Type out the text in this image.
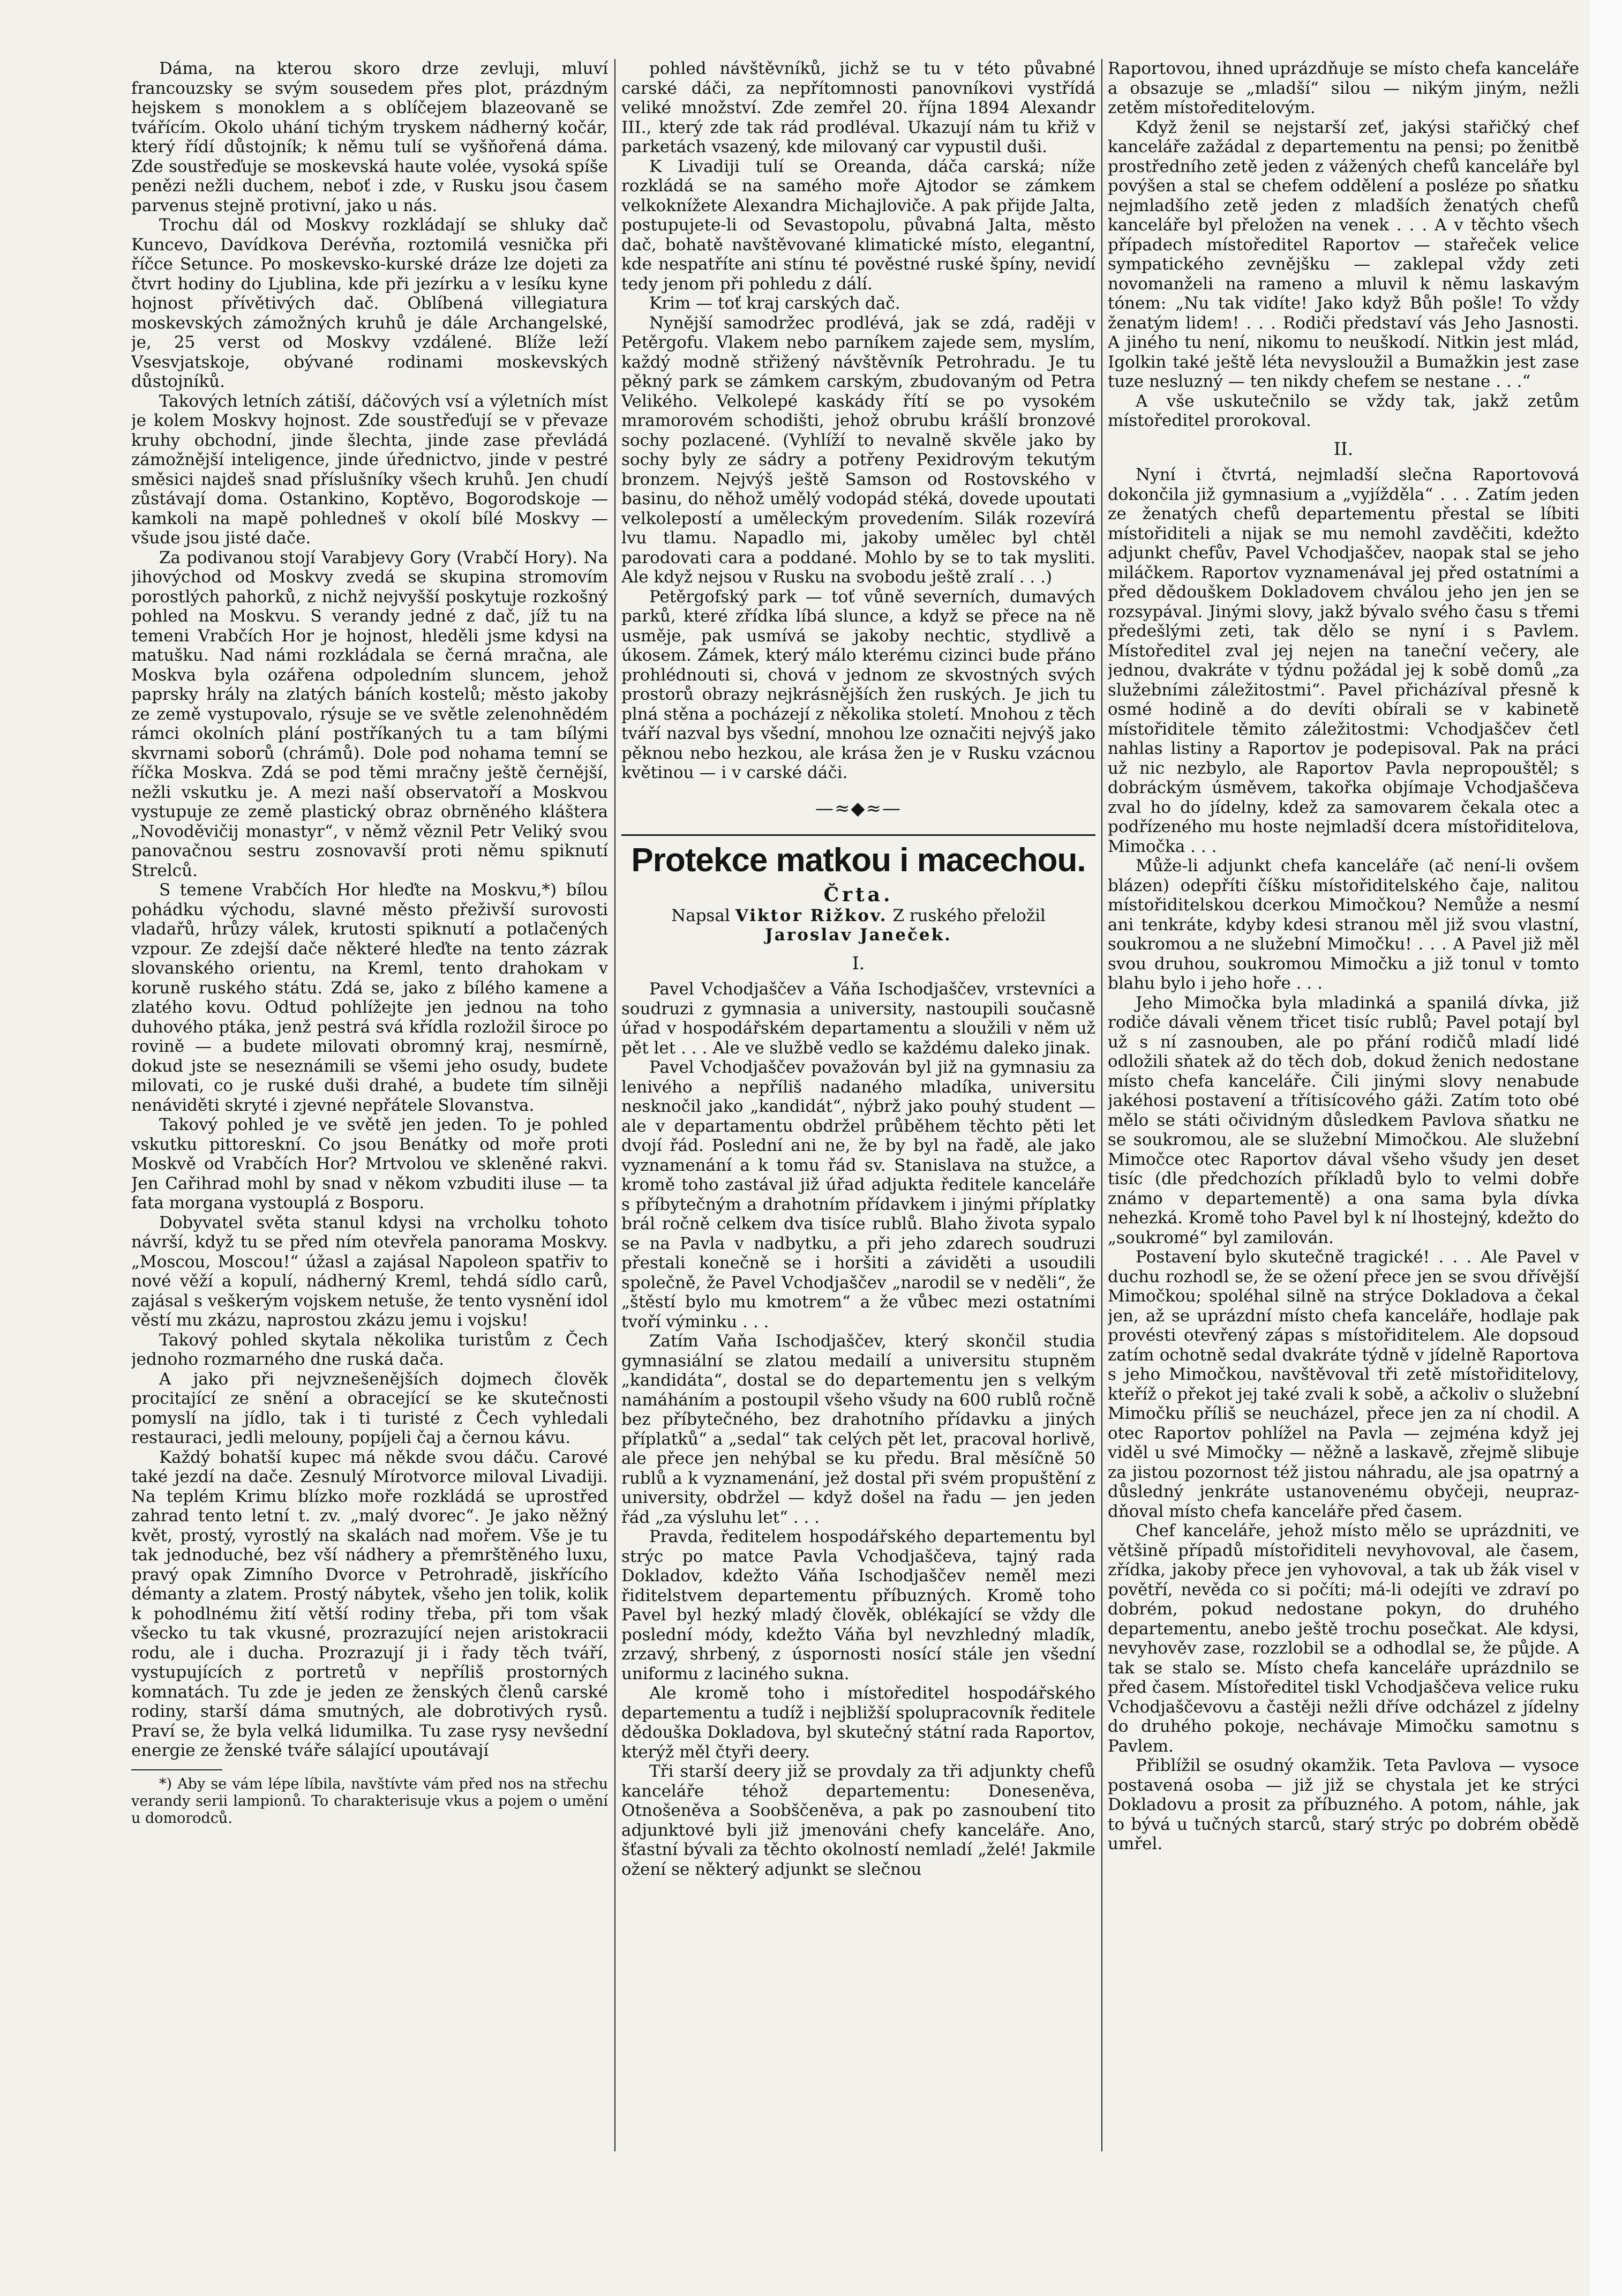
Dáma, na kterou skoro drze zevluji, mluví francouzsky se svým sousedem přes plot, prázdným hejskem s monoklem a s oblíčejem blazeovaně se tvářícím. Okolo uhání tichým tryskem nádherný kočár, který řídí důstojník; k němu tulí se vyšňořená dáma. Zde soustřeďuje se moskevská haute volée, vysoká spíše penězi nežli duchem, neboť i zde, v Rusku jsou časem parvenus stejně protivní, jako u nás.

Trochu dál od Moskvy rozkládají se shluky dač Kuncevo, Davídkova Derévňa, roztomilá vesnička při říčce Setunce. Po moskevsko-kurské dráze lze dojeti za čtvrt hodiny do Ljublina, kde při jezírku a v lesíku kyne hojnost přívětivých dač. Oblíbená villegiatura moskevských zámožných kruhů je dále Archangelské, je, 25 verst od Moskvy vzdálené. Blíže leží Vsesvjatskoje, obývané rodinami moskevských důstojníků.

Takových letních zátiší, dáčových vsí a výletních míst je kolem Moskvy hojnost. Zde soustřeďují se v převaze kruhy obchodní, jinde šlechta, jinde zase převládá zámožnější inteligence, jinde úřednictvo, jinde v pestré směsici najdeš snad příslušníky všech kruhů. Jen chudí zůstávají doma. Ostankino, Koptěvo, Bogorodskoje — kamkoli na mapě pohledneš v okolí bílé Moskvy — všude jsou jisté dače.

Za podivanou stojí Varabjevy Gory (Vrabčí Hory). Na jihovýchod od Moskvy zvedá se skupina stromovím porostlých pahorků, z nichž nejvyšší poskytuje rozkošný pohled na Moskvu. S verandy jedné z dač, jíž tu na temeni Vrabčích Hor je hojnost, hleděli jsme kdysi na matušku. Nad námi rozkládala se černá mračna, ale Moskva byla ozářena odpoledním sluncem, jehož paprsky hrály na zlatých báních kostelů; město jakoby ze země vystupovalo, rýsuje se ve světle zelenohnědém rámci okolních plání postříkaných tu a tam bílými skvrnami soborů (chrámů). Dole pod nohama temní se říčka Moskva. Zdá se pod těmi mračny ještě černější, nežli vskutku je. A mezi naší observatoří a Moskvou vystupuje ze země plastický obraz obrněného kláštera „Novoděvičij monastyr“, v němž věznil Petr Veliký svou panovačnou sestru zosnovavší proti němu spiknutí Strelců.

S temene Vrabčích Hor hleďte na Moskvu,*) bílou pohádku východu, slavné město přeživší surovosti vladařů, hrůzy válek, krutosti spiknutí a potlačených vzpour. Ze zdejší dače některé hleďte na tento zázrak slovanského orientu, na Kreml, tento drahokam v koruně ruského státu. Zdá se, jako z bílého kamene a zlatého kovu. Odtud pohlížejte jen jednou na toho duhového ptáka, jenž pestrá svá křídla rozložil široce po rovině — a budete milovati obromný kraj, nesmírně, dokud jste se neseznámili se všemi jeho osudy, budete milovati, co je ruské duši drahé, a budete tím silněji nenáviděti skryté i zjevné nepřátele Slovanstva.

Takový pohled je ve světě jen jeden. To je pohled vskutku pittoreskní. Co jsou Benátky od moře proti Moskvě od Vrabčích Hor? Mrtvolou ve skleněné rakvi. Jen Cařihrad mohl by snad v někom vzbuditi iluse — ta fata morgana vystouplá z Bosporu.

Dobyvatel světa stanul kdysi na vrcholku tohoto návrší, když tu se před ním otevřela panorama Moskvy. „Moscou, Moscou!“ úžasl a zajásal Napoleon spatřiv to nové věží a kopulí, nádherný Kreml, tehdá sídlo carů, zajásal s veškerým vojskem netuše, že tento vysnění idol věstí mu zkázu, naprostou zkázu jemu i vojsku!

Takový pohled skytala několika turistům z Čech jednoho rozmarného dne ruská dača.

A jako při nejvznešenějších dojmech člověk procitající ze snění a obracející se ke skutečnosti pomyslí na jídlo, tak i ti turisté z Čech vyhledali restauraci, jedli melouny, popíjeli čaj a černou kávu.

Každý bohatší kupec má někde svou dáču. Carové také jezdí na dače. Zesnulý Mírotvorce miloval Livadiji. Na teplém Krimu blízko moře rozkládá se uprostřed zahrad tento letní t. zv. „malý dvorec“. Je jako něžný květ, prostý, vyrostlý na skalách nad mořem. Vše je tu tak jednoduché, bez vší nádhery a přemrštěného luxu, pravý opak Zimního Dvorce v Petrohradě, jiskřícího démanty a zlatem. Prostý nábytek, všeho jen tolik, kolik k pohodlnému žití větší rodiny třeba, při tom však všecko tu tak vkusné, prozrazující nejen aristokracii rodu, ale i ducha. Prozrazují ji i řady těch tváří, vystupujících z portretů v nepříliš prostorných komnatách. Tu zde je jeden ze ženských členů carské rodiny, starší dáma smutných, ale dobrotivých rysů. Praví se, že byla velká lidumilka. Tu zase rysy nevšední energie ze ženské tváře sálající upoutávají

*) Aby se vám lépe líbila, navštívte vám před nos na střechu verandy serii lampionů. To charakterisuje vkus a pojem o umění u domorodců.

pohled návštěvníků, jichž se tu v této půvabné carské dáči, za nepřítomnosti panovníkovi vystřídá veliké množství. Zde zemřel 20. října 1894 Alexandr III., který zde tak rád prodléval. Ukazují nám tu křiž v parketách vsazený, kde milovaný car vypustil duši.

K Livadiji tulí se Oreanda, dáča carská; níže rozkládá se na samého moře Ajtodor se zámkem velkoknížete Alexandra Michajloviče. A pak přijde Jalta, postupujete-li od Sevastopolu, půvabná Jalta, město dač, bohatě navštěvované klimatické místo, elegantní, kde nespatříte ani stínu té pověstné ruské špíny, nevidí tedy jenom při pohledu z dálí.

Krim — toť kraj carských dač.

Nynější samodržec prodlévá, jak se zdá, raději v Petěrgofu. Vlakem nebo parníkem zajede sem, myslím, každý modně střižený návštěvník Petrohradu. Je tu pěkný park se zámkem carským, zbudovaným od Petra Velikého. Velkolepé kaskády řítí se po vysokém mramorovém schodišti, jehož obrubu krášlí bronzové sochy pozlacené. (Vyhlíží to nevalně skvěle jako by sochy byly ze sádry a potřeny Pexidrovým tekutým bronzem. Nejvýš ještě Samson od Rostovského v basinu, do něhož umělý vodopád stéká, dovede upoutati velkolepostí a uměleckým provedením. Silák rozevírá lvu tlamu. Napadlo mi, jakoby umělec byl chtěl parodovati cara a poddané. Mohlo by se to tak mysliti. Ale když nejsou v Rusku na svobodu ještě zralí . . .)

Petěrgofský park — toť vůně severních, dumavých parků, které zřídka líbá slunce, a když se přece na ně usměje, pak usmívá se jakoby nechtic, stydlivě a úkosem. Zámek, který málo kterému cizinci bude přáno prohlédnouti si, chová v jednom ze skvostných svých prostorů obrazy nejkrásnějších žen ruských. Je jich tu plná stěna a pocházejí z několika století. Mnohou z těch tváří nazval bys všední, mnohou lze označiti nejvýš jako pěknou nebo hezkou, ale krása žen je v Rusku vzácnou květinou — i v carské dáči.

—≈◆≈—
Protekce matkou i macechou.
Črta.
Napsal Viktor Rižkov. Z ruského přeložil
Jaroslav Janeček.
I.

Pavel Vchodjaščev a Váňa Ischodjaščev, vrstevníci a soudruzi z gymnasia a university, nastoupili současně úřad v hospodářském departamentu a sloužili v něm už pět let . . . Ale ve službě vedlo se každému daleko jinak.

Pavel Vchodjaščev považován byl již na gymnasiu za lenivého a nepříliš nadaného mladíka, universitu nesknočil jako „kandidát“, nýbrž jako pouhý student — ale v departamentu obdržel průběhem těchto pěti let dvojí řád. Poslední ani ne, že by byl na řadě, ale jako vyznamenání a k tomu řád sv. Stanislava na stužce, a kromě toho zastával již úřad adjukta ředitele kanceláře s příbytečným a drahotním přídavkem i jinými příplatky brál ročně celkem dva tisíce rublů. Blaho života sypalo se na Pavla v nadbytku, a při jeho zdarech soudruzi přestali konečně se i horšiti a záviděti a usoudili společně, že Pavel Vchodjaščev „narodil se v neděli“, že „štěstí bylo mu kmotrem“ a že vůbec mezi ostatními tvoří výminku . . .

Zatím Vaňa Ischodjaščev, který skončil studia gymnasiální se zlatou medailí a universitu stupněm „kandidáta“, dostal se do departementu jen s velkým namáháním a postoupil všeho všudy na 600 rublů ročně bez příbytečného, bez drahotního přídavku a jiných příplatků“ a „sedal“ tak celých pět let, pracoval horlivě, ale přece jen nehýbal se ku předu. Bral měsíčně 50 rublů a k vyznamenání, jež dostal při svém propuštění z university, obdržel — když došel na řadu — jen jeden řád „za výsluhu let“ . . .

Pravda, ředitelem hospodářského departementu byl strýc po matce Pavla Vchodjaščeva, tajný rada Dokladov, kdežto Váňa Ischodjaščev neměl mezi řiditelstvem departementu příbuzných. Kromě toho Pavel byl hezký mladý člověk, oblékající se vždy dle poslední módy, kdežto Váňa byl nevzhledný mladík, zrzavý, shrbený, z úspornosti nosící stále jen všední uniformu z laciného sukna.

Ale kromě toho i místoředitel hospodářského departementu a tudíž i nejbližší spolupracovník ředitele dědouška Dokladova, byl skutečný státní rada Raportov, kterýž měl čtyři deery.

Tři starší deery již se provdaly za tři adjunkty chefů kanceláře téhož departementu: Doneseněva, Otnošeněva a Soobščeněva, a pak po zasnoubení tito adjunktové byli již jmenováni chefy kanceláře. Ano, šťastní bývali za těchto okolností nemladí „želé! Jakmile ožení se některý adjunkt se slečnou

Raportovou, ihned uprázdňuje se místo chefa kanceláře a obsazuje se „mladší“ silou — nikým jiným, nežli zetěm místoředitelovým.

Když ženil se nejstarší zeť, jakýsi stařičký chef kanceláře zažádal z departementu na pensi; po ženitbě prostředního zetě jeden z vážených chefů kanceláře byl povýšen a stal se chefem oddělení a posléze po sňatku nejmladšího zetě jeden z mladších ženatých chefů kanceláře byl přeložen na venek . . . A v těchto všech případech místoředitel Raportov — stařeček velice sympatického zevnějšku — zaklepal vždy zeti novomanželi na rameno a mluvil k němu laskavým tónem: „Nu tak vidíte! Jako když Bůh pošle! To vždy ženatým lidem! . . . Rodiči představí vás Jeho Jasnosti. A jiného tu není, nikomu to neuškodí. Nitkin jest mlád, Igolkin také ještě léta nevysloužil a Bumažkin jest zase tuze nesluzný — ten nikdy chefem se nestane . . .“

A vše uskutečnilo se vždy tak, jakž zetům místoředitel prorokoval.

II.

Nyní i čtvrtá, nejmladší slečna Raportovová dokončila již gymnasium a „vyjížděla“ . . . Zatím jeden ze ženatých chefů departementu přestal se líbiti místořiditeli a nijak se mu nemohl zavděčiti, kdežto adjunkt chefův, Pavel Vchodjaščev, naopak stal se jeho miláčkem. Raportov vyznamenával jej před ostatními a před dědouškem Dokladovem chválou jeho jen jen se rozsypával. Jinými slovy, jakž bývalo svého času s třemi předešlými zeti, tak dělo se nyní i s Pavlem. Místoředitel zval jej nejen na taneční večery, ale jednou, dvakráte v týdnu požádal jej k sobě domů „za služebními záležitostmi“. Pavel přicházíval přesně k osmé hodině a do devíti obírali se v kabinetě místořiditele těmito záležitostmi: Vchodjaščev četl nahlas listiny a Raportov je podepisoval. Pak na práci už nic nezbylo, ale Raportov Pavla nepropouštěl; s dobráckým úsměvem, takořka objímaje Vchodjaščeva zval ho do jídelny, kdež za samovarem čekala otec a podřízeného mu hoste nejmladší dcera místořiditelova, Mimočka . . .

Může-li adjunkt chefa kanceláře (ač není-li ovšem blázen) odepříti číšku místořiditelského čaje, nalitou místořiditelskou dcerkou Mimočkou? Nemůže a nesmí ani tenkráte, kdyby kdesi stranou měl již svou vlastní, soukromou a ne služební Mimočku! . . . A Pavel již měl svou druhou, soukromou Mimočku a již tonul v tomto blahu bylo i jeho hoře . . .

Jeho Mimočka byla mladinká a spanilá dívka, již rodiče dávali věnem třicet tisíc rublů; Pavel potají byl už s ní zasnouben, ale po přání rodičů mladí lidé odložili sňatek až do těch dob, dokud ženich nedostane místo chefa kanceláře. Čili jinými slovy nenabude jakéhosi postavení a třítisícového gáži. Zatím toto obé mělo se státi očividným důsledkem Pavlova sňatku ne se soukromou, ale se služební Mimočkou. Ale služební Mimočce otec Raportov dával všeho všudy jen deset tisíc (dle předchozích příkladů bylo to velmi dobře známo v departementě) a ona sama byla dívka nehezká. Kromě toho Pavel byl k ní lhostejný, kdežto do „soukromé“ byl zamilován.

Postavení bylo skutečně tragické! . . . Ale Pavel v duchu rozhodl se, že se ožení přece jen se svou dřívější Mimočkou; spoléhal silně na strýce Dokladova a čekal jen, až se uprázdní místo chefa kanceláře, hodlaje pak provésti otevřený zápas s místořiditelem. Ale dopsoud zatím ochotně sedal dvakráte týdně v jídelně Raportova s jeho Mimočkou, navštěvoval tři zetě místořiditelovy, kteříž o překot jej také zvali k sobě, a ačkoliv o služební Mimočku příliš se neucházel, přece jen za ní chodil. A otec Raportov pohlížel na Pavla — zejména když jej viděl u své Mimočky — něžně a laskavě, zřejmě slibuje za jistou pozornost též jistou náhradu, ale jsa opatrný a důsledný jenkráte ustanovenému obyčeji, neuprazdňoval místo chefa kanceláře před časem.

Chef kanceláře, jehož místo mělo se uprázdniti, ve většině případů místořiditeli nevyhovoval, ale časem, zřídka, jakoby přece jen vyhovoval, a tak ub žák visel v povětří, nevěda co si počíti; má-li odejíti ve zdraví po dobrém, pokud nedostane pokyn, do druhého departementu, anebo ještě trochu posečkat. Ale kdysi, nevyhověv zase, rozzlobil se a odhodlal se, že půjde. A tak se stalo se. Místo chefa kanceláře uprázdnilo se před časem. Místoředitel tiskl Vchodjaščeva velice ruku Vchodjaščevovu a častěji nežli dříve odcházel z jídelny do druhého pokoje, nechávaje Mimočku samotnu s Pavlem.

Přiblížil se osudný okamžik. Teta Pavlova — vysoce postavená osoba — již již se chystala jet ke strýci Dokladovu a prosit za příbuzného. A potom, náhle, jak to bývá u tučných starců, starý strýc po dobrém obědě umřel.
